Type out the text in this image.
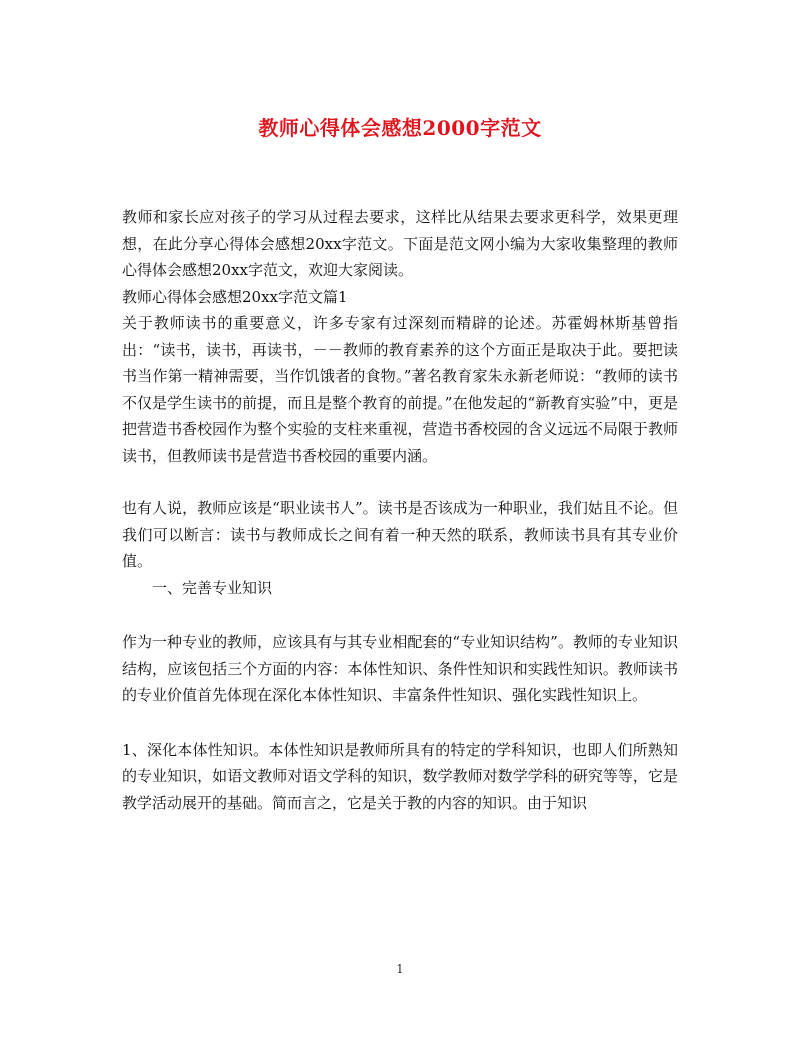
教师心得体会感想2000字范文

教师和家长应对孩子的学习从过程去要求，这样比从结果去要求更科学，效果更理想，在此分享心得体会感想20xx字范文。下面是范文网小编为大家收集整理的教师心得体会感想20xx字范文，欢迎大家阅读。

教师心得体会感想20xx字范文篇1

关于教师读书的重要意义，许多专家有过深刻而精辟的论述。苏霍姆林斯基曾指出：“读书，读书，再读书，－－教师的教育素养的这个方面正是取决于此。要把读书当作第一精神需要，当作饥饿者的食物。”著名教育家朱永新老师说：“教师的读书不仅是学生读书的前提，而且是整个教育的前提。”在他发起的“新教育实验”中，更是把营造书香校园作为整个实验的支柱来重视，营造书香校园的含义远远不局限于教师读书，但教师读书是营造书香校园的重要内涵。

也有人说，教师应该是“职业读书人”。读书是否该成为一种职业，我们姑且不论。但我们可以断言：读书与教师成长之间有着一种天然的联系，教师读书具有其专业价值。

一、完善专业知识

作为一种专业的教师，应该具有与其专业相配套的“专业知识结构”。教师的专业知识结构，应该包括三个方面的内容：本体性知识、条件性知识和实践性知识。教师读书的专业价值首先体现在深化本体性知识、丰富条件性知识、强化实践性知识上。

1、深化本体性知识。本体性知识是教师所具有的特定的学科知识，也即人们所熟知的专业知识，如语文教师对语文学科的知识，数学教师对数学学科的研究等等，它是教学活动展开的基础。简而言之，它是关于教的内容的知识。由于知识

1
